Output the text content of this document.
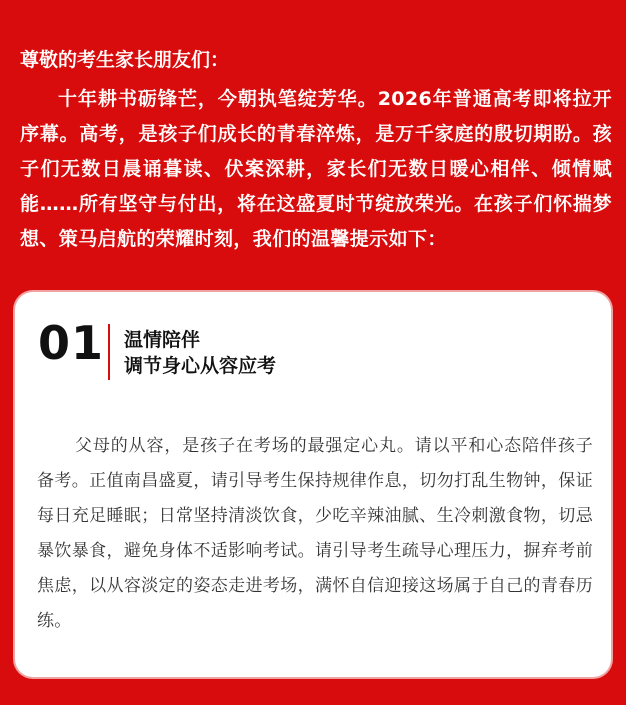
尊敬的考生家长朋友们：

十年耕书砺锋芒，今朝执笔绽芳华。2026年普通高考即将拉开序幕。高考，是孩子们成长的青春淬炼，是万千家庭的殷切期盼。孩子们无数日晨诵暮读、伏案深耕，家长们无数日暖心相伴、倾情赋能……所有坚守与付出，将在这盛夏时节绽放荣光。在孩子们怀揣梦想、策马启航的荣耀时刻，我们的温馨提示如下：

01 温情陪伴
调节身心从容应考

父母的从容，是孩子在考场的最强定心丸。请以平和心态陪伴孩子备考。正值南昌盛夏，请引导考生保持规律作息，切勿打乱生物钟，保证每日充足睡眠；日常坚持清淡饮食，少吃辛辣油腻、生冷刺激食物，切忌暴饮暴食，避免身体不适影响考试。请引导考生疏导心理压力，摒弃考前焦虑，以从容淡定的姿态走进考场，满怀自信迎接这场属于自己的青春历练。
